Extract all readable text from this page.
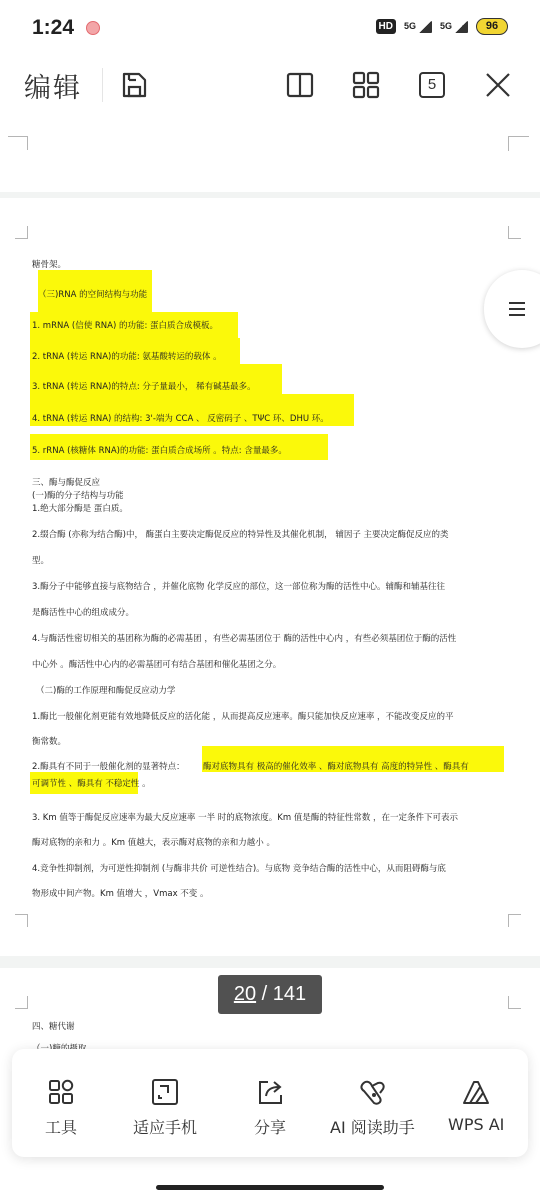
1:24	HD	5G	5G	96
编辑	5
糖骨架。
（三)RNA 的空间结构与功能
1. mRNA (信使 RNA) 的功能: 蛋白质合成模板。
2. tRNA (转运 RNA)的功能: 氨基酸转运的载体 。
3. tRNA (转运 RNA)的特点: 分子量最小， 稀有碱基最多。
4. tRNA (转运 RNA) 的结构: 3'-端为 CCA 、 反密码子 、TΨC 环、DHU 环。
5. rRNA (核糖体 RNA)的功能: 蛋白质合成场所 。特点: 含量最多。
三、酶与酶促反应
(一)酶的分子结构与功能
1.绝大部分酶是 蛋白质。
2.缀合酶 (亦称为结合酶)中， 酶蛋白主要决定酶促反应的特异性及其催化机制， 辅因子 主要决定酶促反应的类
型。
3.酶分子中能够直接与底物结合 ，并催化底物 化学反应的部位，这一部位称为酶的活性中心。辅酶和辅基往往
是酶活性中心的组成成分。
4.与酶活性密切相关的基团称为酶的必需基团 ，有些必需基团位于 酶的活性中心内 ，有些必须基团位于酶的活性
中心外 。酶活性中心内的必需基团可有结合基团和催化基团之分。
（二)酶的工作原理和酶促反应动力学
1.酶比一般催化剂更能有效地降低反应的活化能 ，从而提高反应速率。酶只能加快反应速率 ，不能改变反应的平
衡常数。
2.酶具有不同于一般催化剂的显著特点： 酶对底物具有 极高的催化效率 、酶对底物具有 高度的特异性 、酶具有
可调节性 、酶具有 不稳定性 。
3. Km 值等于酶促反应速率为最大反应速率 一半 时的底物浓度。Km 值是酶的特征性常数 ，在一定条件下可表示
酶对底物的亲和力 。Km 值越大，表示酶对底物的亲和力越小 。
4.竞争性抑制剂，为可逆性抑制剂 (与酶非共价 可逆性结合)。与底物 竞争结合酶的活性中心，从而阻碍酶与底
物形成中间产物。Km 值增大 ，Vmax 不变 。
四、糖代谢
20 / 141
工具	适应手机	分享	AI 阅读助手 WPS AI
